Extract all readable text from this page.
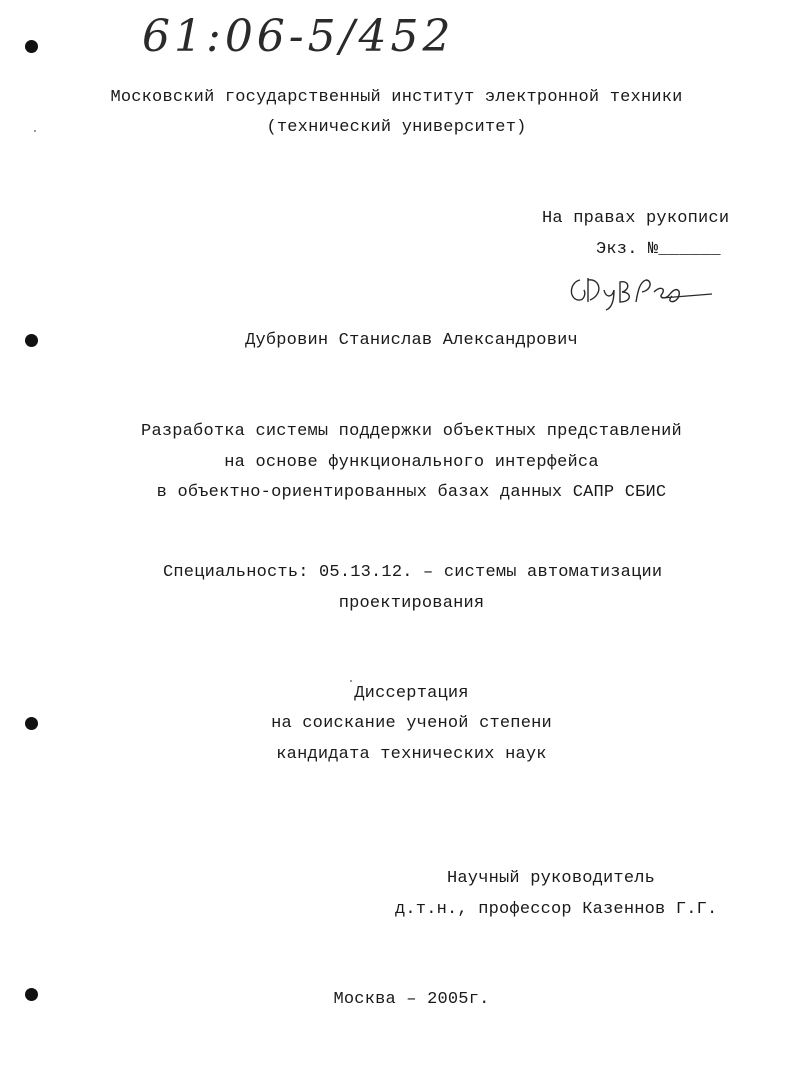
61:06-5/452
Московский государственный институт электронной техники
(технический университет)
На правах рукописи
Экз. №______
Дубровин Станислав Александрович
Разработка системы поддержки объектных представлений
на основе функционального интерфейса
в объектно-ориентированных базах данных САПР СБИС
Специальность: 05.13.12. – системы автоматизации
проектирования
Диссертация
на соискание ученой степени
кандидата технических наук
Научный руководитель
д.т.н., профессор Казеннов Г.Г.
Москва – 2005г.
